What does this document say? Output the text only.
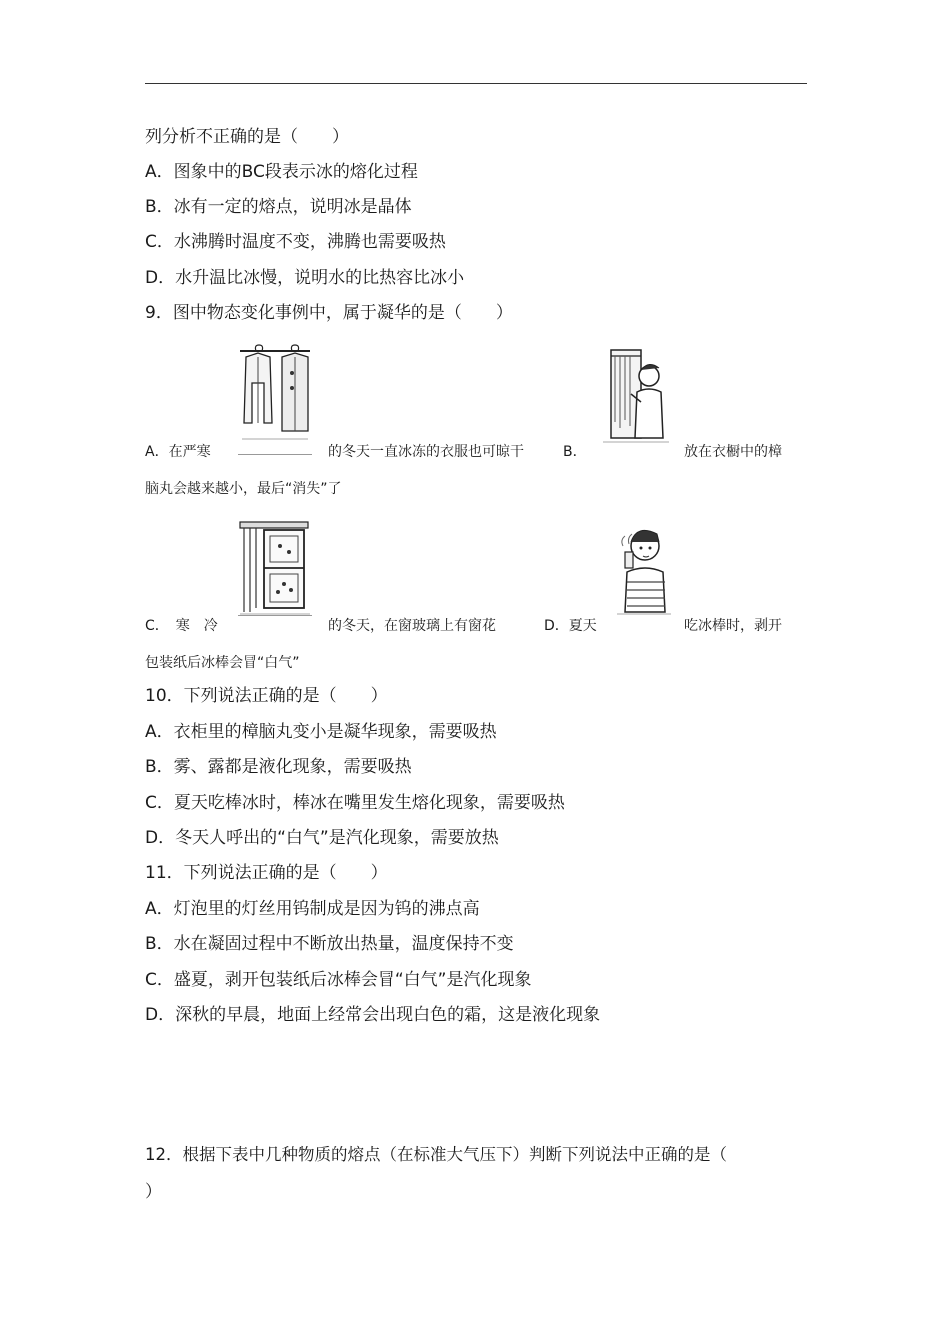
列分析不正确的是（　　）
A．图象中的BC段表示冰的熔化过程
B．冰有一定的熔点，说明冰是晶体
C．水沸腾时温度不变，沸腾也需要吸热
D．水升温比冰慢，说明水的比热容比冰小
9．图中物态变化事例中，属于凝华的是（　　）
A．在严寒	的冬天一直冰冻的衣服也可晾干	B．	放在衣橱中的樟
脑丸会越来越小，最后“消失”了
C．　寒　冷	的冬天，在窗玻璃上有窗花	D．夏天	吃冰棒时，剥开
包装纸后冰棒会冒“白气”
10．下列说法正确的是（　　）
A．衣柜里的樟脑丸变小是凝华现象，需要吸热
B．雾、露都是液化现象，需要吸热
C．夏天吃棒冰时，棒冰在嘴里发生熔化现象，需要吸热
D．冬天人呼出的“白气”是汽化现象，需要放热
11．下列说法正确的是（　　）
A．灯泡里的灯丝用钨制成是因为钨的沸点高
B．水在凝固过程中不断放出热量，温度保持不变
C．盛夏，剥开包装纸后冰棒会冒“白气”是汽化现象
D．深秋的早晨，地面上经常会出现白色的霜，这是液化现象
12．根据下表中几种物质的熔点（在标准大气压下）判断下列说法中正确的是（
）
